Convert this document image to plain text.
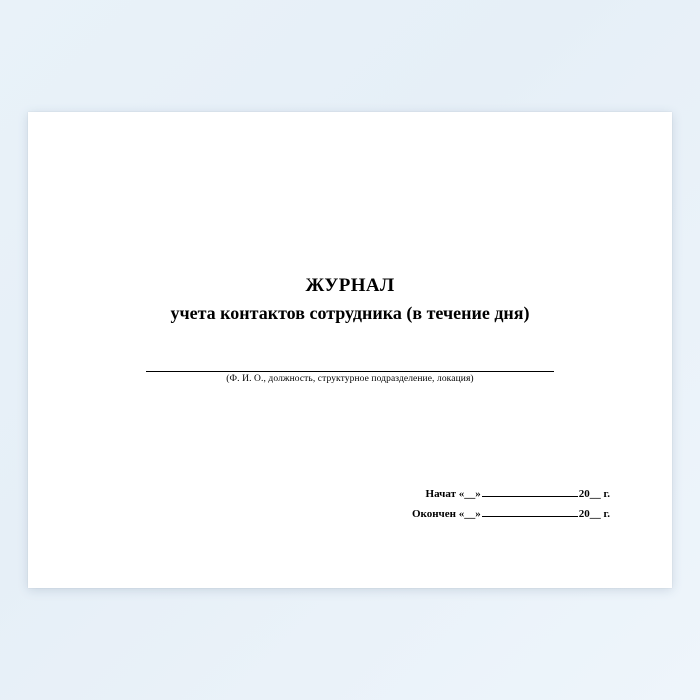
ЖУРНАЛ
учета контактов сотрудника (в течение дня)
(Ф. И. О., должность, структурное подразделение, локация)
Начат «__»	20__ г.
Окончен «__»	20__ г.
